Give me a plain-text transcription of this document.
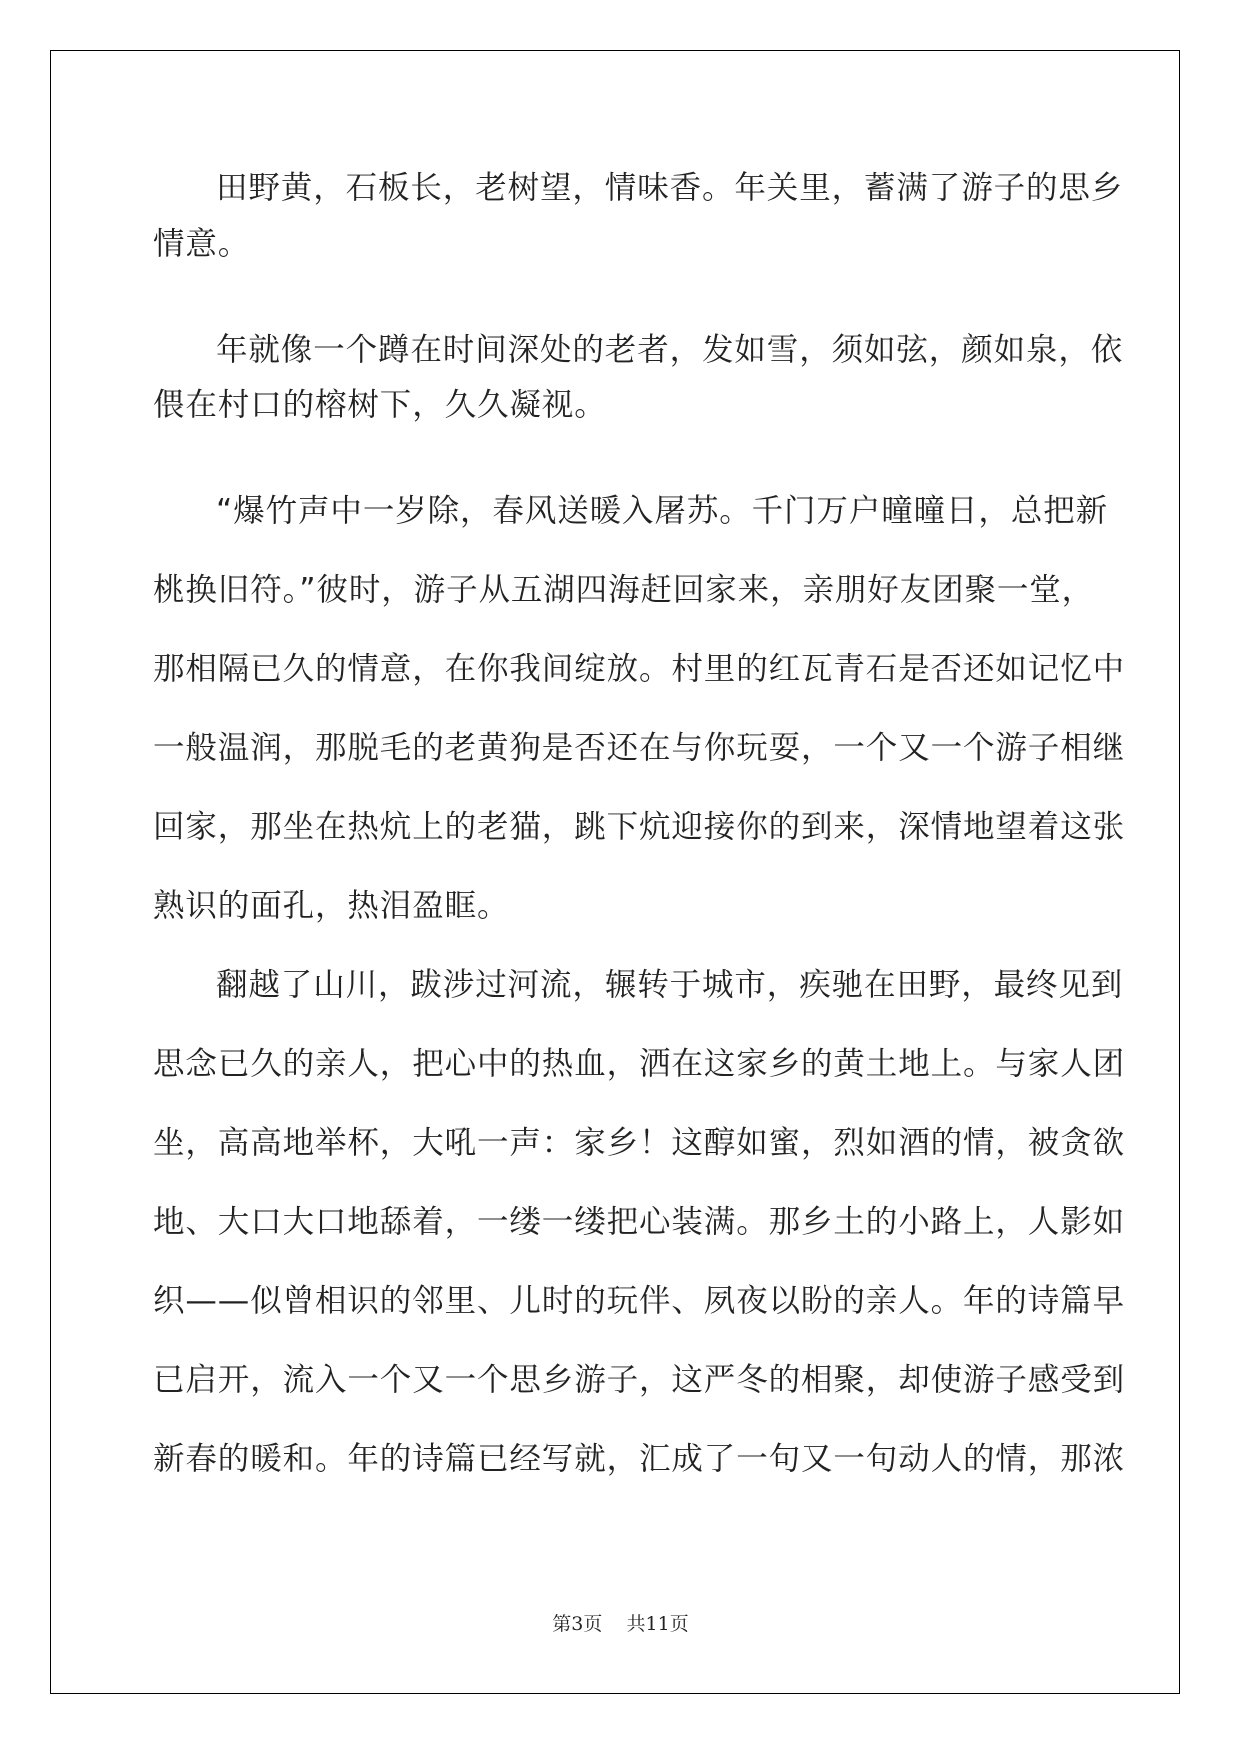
田野黄，石板长，老树望，情味香。年关里，蓄满了游子的思乡
情意。
年就像一个蹲在时间深处的老者，发如雪，须如弦，颜如泉，依
偎在村口的榕树下，久久凝视。
“爆竹声中一岁除，春风送暖入屠苏。千门万户曈曈日，总把新
桃换旧符。”彼时，游子从五湖四海赶回家来，亲朋好友团聚一堂，
那相隔已久的情意，在你我间绽放。村里的红瓦青石是否还如记忆中
一般温润，那脱毛的老黄狗是否还在与你玩耍，一个又一个游子相继
回家，那坐在热炕上的老猫，跳下炕迎接你的到来，深情地望着这张
熟识的面孔，热泪盈眶。
翻越了山川，跋涉过河流，辗转于城市，疾驰在田野，最终见到
思念已久的亲人，把心中的热血，洒在这家乡的黄土地上。与家人团
坐，高高地举杯，大吼一声：家乡！这醇如蜜，烈如酒的情，被贪欲
地、大口大口地舔着，一缕一缕把心装满。那乡土的小路上，人影如
织——似曾相识的邻里、儿时的玩伴、夙夜以盼的亲人。年的诗篇早
已启开，流入一个又一个思乡游子，这严冬的相聚，却使游子感受到
新春的暖和。年的诗篇已经写就，汇成了一句又一句动人的情，那浓
第3页 共11页
